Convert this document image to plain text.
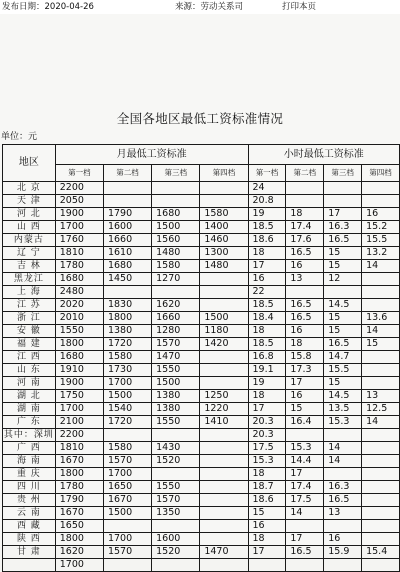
发布日期：2020-04-26	来源：劳动关系司	打印本页
全国各地区最低工资标准情况
单位：元
地区	月最低工资标准				小时最低工资标准			
	第一档	第二档	第三档	第四档	第一档	第二档	第三档	第四档
北 京	2200				24			
天 津	2050				20.8			
河 北	1900	1790	1680	1580	19	18	17	16
山 西	1700	1600	1500	1400	18.5	17.4	16.3	15.2
内蒙古	1760	1660	1560	1460	18.6	17.6	16.5	15.5
辽 宁	1810	1610	1480	1300	18	16.5	15	13.2
吉 林	1780	1680	1580	1480	17	16	15	14
黑龙江	1680	1450	1270		16	13	12	
上 海	2480				22			
江 苏	2020	1830	1620		18.5	16.5	14.5	
浙 江	2010	1800	1660	1500	18.4	16.5	15	13.6
安 徽	1550	1380	1280	1180	18	16	15	14
福 建	1800	1720	1570	1420	18.5	18	16.5	15
江 西	1680	1580	1470		16.8	15.8	14.7	
山 东	1910	1730	1550		19.1	17.3	15.5	
河 南	1900	1700	1500		19	17	15	
湖 北	1750	1500	1380	1250	18	16	14.5	13
湖 南	1700	1540	1380	1220	17	15	13.5	12.5
广 东	2100	1720	1550	1410	20.3	16.4	15.3	14
其中：深圳	2200				20.3			
广 西	1810	1580	1430		17.5	15.3	14	
海 南	1670	1570	1520		15.3	14.4	14	
重 庆	1800	1700			18	17		
四 川	1780	1650	1550		18.7	17.4	16.3	
贵 州	1790	1670	1570		18.6	17.5	16.5	
云 南	1670	1500	1350		15	14	13	
西 藏	1650				16			
陕 西	1800	1700	1600		18	17	16	
甘 肃	1620	1570	1520	1470	17	16.5	15.9	15.4
	1700							
